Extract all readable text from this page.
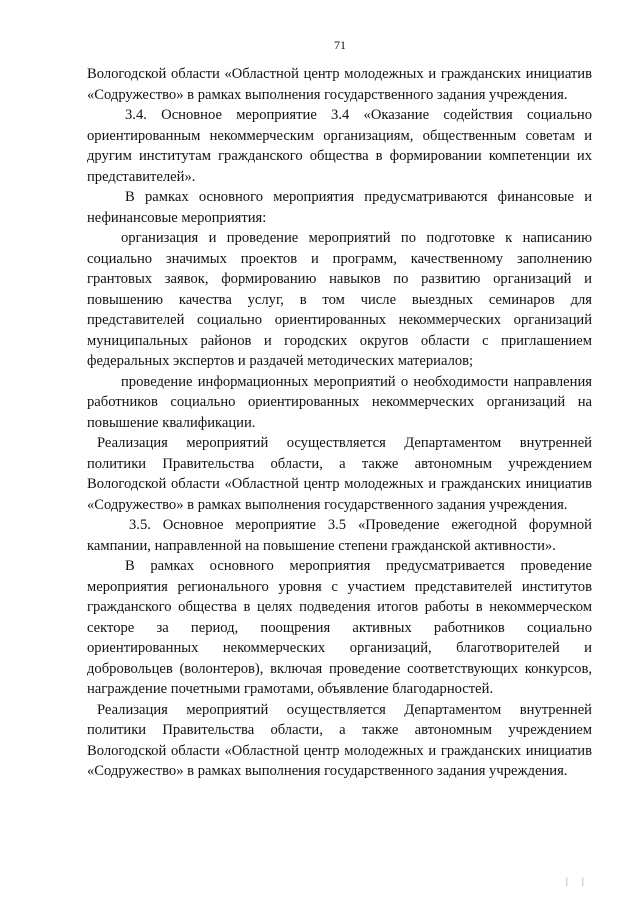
71

Вологодской области «Областной центр молодежных и гражданских инициатив «Содружество» в рамках выполнения государственного задания учреждения.

3.4. Основное мероприятие 3.4 «Оказание содействия социально ориентированным некоммерческим организациям, общественным советам и другим институтам гражданского общества в формировании компетенции их представителей».

В рамках основного мероприятия предусматриваются финансовые и нефинансовые мероприятия:

организация и проведение мероприятий по подготовке к написанию социально значимых проектов и программ, качественному заполнению грантовых заявок, формированию навыков по развитию организаций и повышению качества услуг, в том числе выездных семинаров для представителей социально ориентированных некоммерческих организаций муниципальных районов и городских округов области с приглашением федеральных экспертов и раздачей методических материалов;

проведение информационных мероприятий о необходимости направления работников социально ориентированных некоммерческих организаций на повышение квалификации.

Реализация мероприятий осуществляется Департаментом внутренней политики Правительства области, а также автономным учреждением Вологодской области «Областной центр молодежных и гражданских инициатив «Содружество» в рамках выполнения государственного задания учреждения.

3.5. Основное мероприятие 3.5 «Проведение ежегодной форумной кампании, направленной на повышение степени гражданской активности».

В рамках основного мероприятия предусматривается проведение мероприятия регионального уровня с участием представителей институтов гражданского общества в целях подведения итогов работы в некоммерческом секторе за период, поощрения активных работников социально ориентированных некоммерческих организаций, благотворителей и добровольцев (волонтеров), включая проведение соответствующих конкурсов, награждение почетными грамотами, объявление благодарностей.

Реализация мероприятий осуществляется Департаментом внутренней политики Правительства области, а также автономным учреждением Вологодской области «Областной центр молодежных и гражданских инициатив «Содружество» в рамках выполнения государственного задания учреждения.

| |
